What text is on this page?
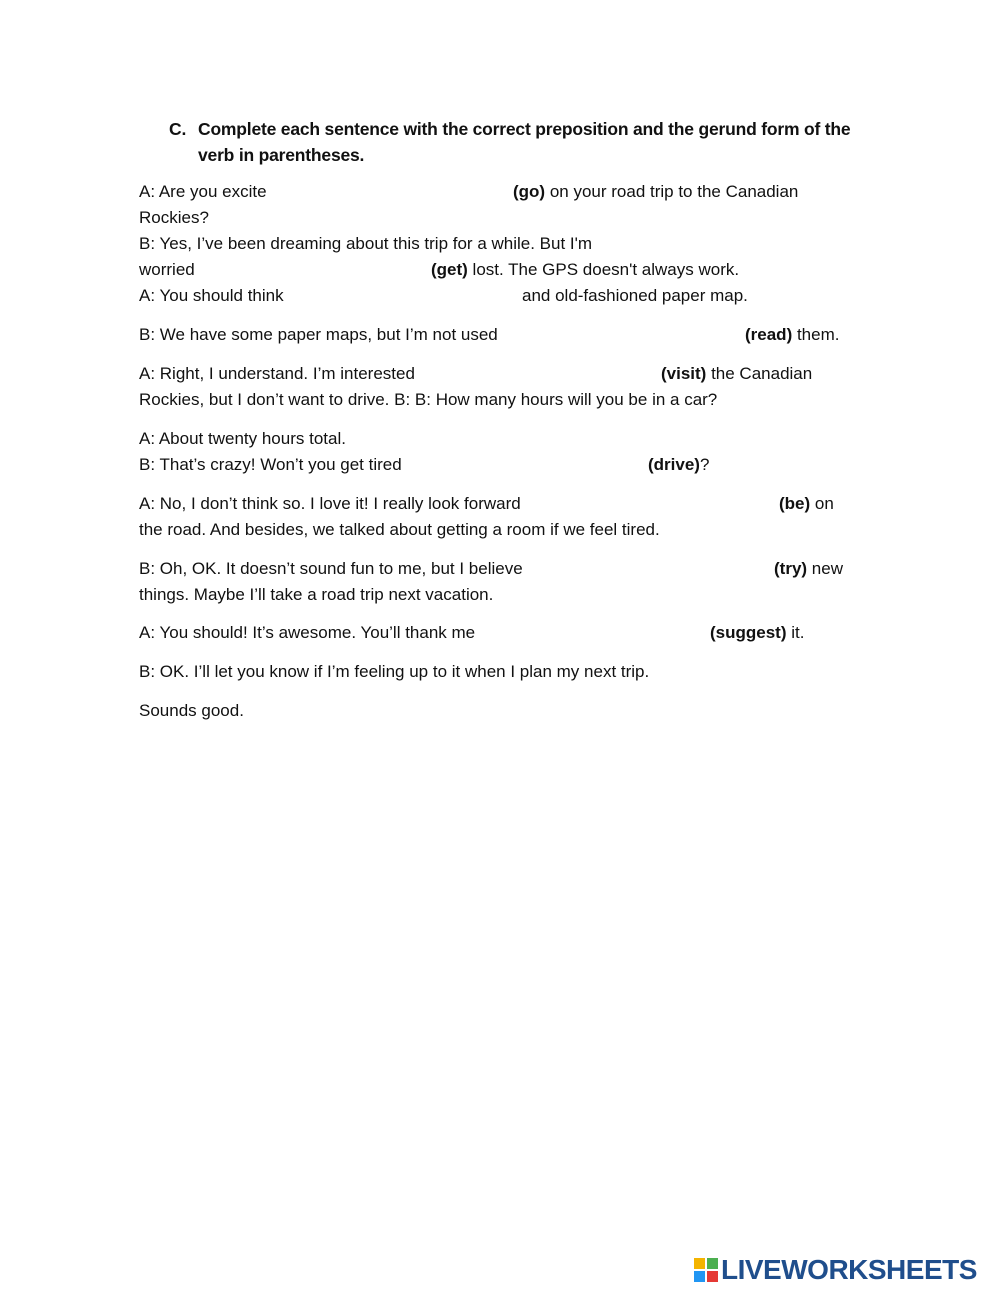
C. Complete each sentence with the correct preposition and the gerund form of the verb in parentheses.
A: Are you excite	(go) on your road trip to the Canadian
Rockies?
B: Yes, I’ve been dreaming about this trip for a while. But I'm
worried	(get) lost. The GPS doesn't always work.
A: You should think	and old-fashioned paper map.
B: We have some paper maps, but I’m not used	(read) them.
A: Right, I understand. I’m interested	(visit) the Canadian
Rockies, but I don’t want to drive. B: B: How many hours will you be in a car?
A: About twenty hours total.
B: That’s crazy! Won’t you get tired	(drive)?
A: No, I don’t think so. I love it! I really look forward	(be) on
the road. And besides, we talked about getting a room if we feel tired.
B: Oh, OK. It doesn’t sound fun to me, but I believe	(try) new
things. Maybe I’ll take a road trip next vacation.
A: You should! It’s awesome. You’ll thank me	(suggest) it.
B: OK. I’ll let you know if I’m feeling up to it when I plan my next trip.
Sounds good.
LIVEWORKSHEETS
